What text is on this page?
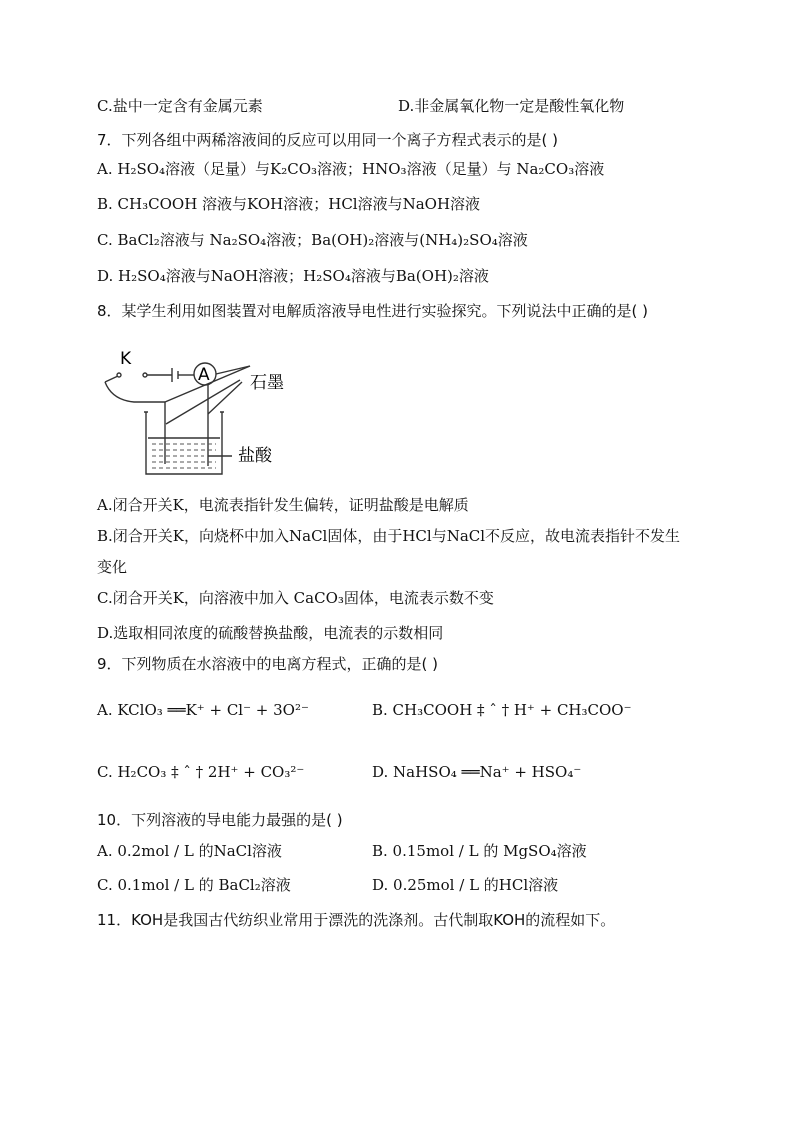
C.盐中一定含有金属元素	D.非金属氧化物一定是酸性氧化物
7．下列各组中两稀溶液间的反应可以用同一个离子方程式表示的是( )
A. H₂SO₄溶液（足量）与K₂CO₃溶液；HNO₃溶液（足量）与 Na₂CO₃溶液
B. CH₃COOH 溶液与KOH溶液；HCl溶液与NaOH溶液
C. BaCl₂溶液与 Na₂SO₄溶液；Ba(OH)₂溶液与(NH₄)₂SO₄溶液
D. H₂SO₄溶液与NaOH溶液；H₂SO₄溶液与Ba(OH)₂溶液
8．某学生利用如图装置对电解质溶液导电性进行实验探究。下列说法中正确的是( )
K
A 石墨
盐酸
A.闭合开关K，电流表指针发生偏转，证明盐酸是电解质
B.闭合开关K，向烧杯中加入NaCl固体，由于HCl与NaCl不反应，故电流表指针不发生
变化
C.闭合开关K，向溶液中加入 CaCO₃固体，电流表示数不变
D.选取相同浓度的硫酸替换盐酸，电流表的示数相同
9．下列物质在水溶液中的电离方程式，正确的是( )
A. KClO₃ ══K⁺ + Cl⁻ + 3O²⁻	B. CH₃COOH ‡ ˆ † H⁺ + CH₃COO⁻
C. H₂CO₃ ‡ ˆ † 2H⁺ + CO₃²⁻	D. NaHSO₄ ══Na⁺ + HSO₄⁻
10．下列溶液的导电能力最强的是( )
A. 0.2mol / L 的NaCl溶液	B. 0.15mol / L 的 MgSO₄溶液
C. 0.1mol / L 的 BaCl₂溶液	D. 0.25mol / L 的HCl溶液
11．KOH是我国古代纺织业常用于漂洗的洗涤剂。古代制取KOH的流程如下。
